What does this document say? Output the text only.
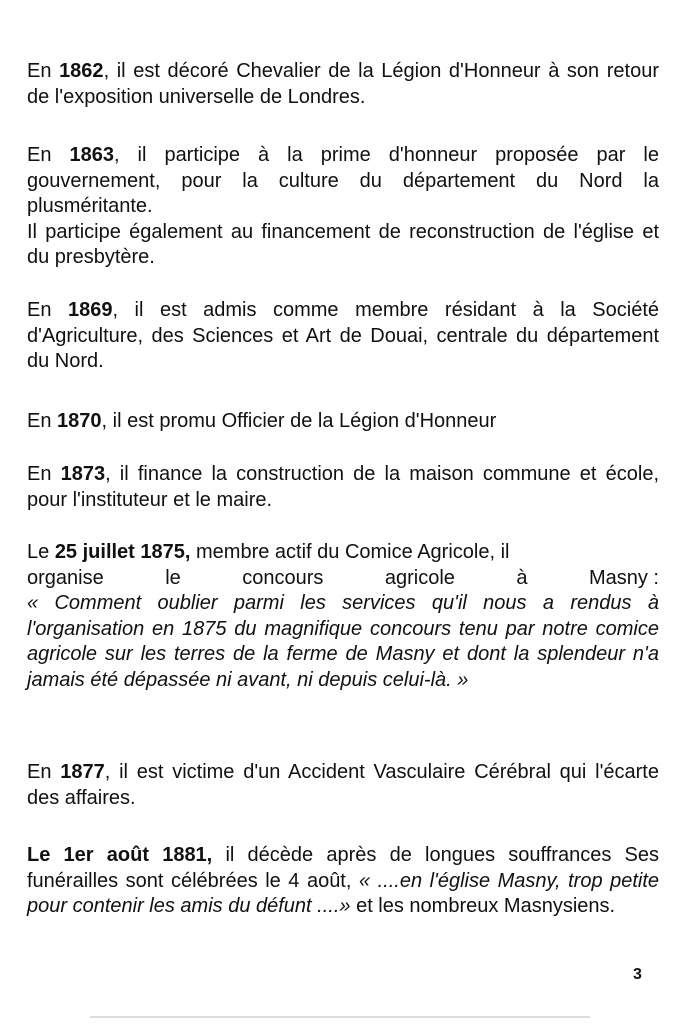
En 1862, il est décoré Chevalier de la Légion d'Honneur à son retour de l'exposition universelle de Londres.

En 1863, il participe à la prime d'honneur proposée par le gouvernement, pour la culture du département du Nord la plusméritante.
Il participe également au financement de reconstruction de l'église et du presbytère.

En 1869, il est admis comme membre résidant à la Société d'Agriculture, des Sciences et Art de Douai, centrale du département du Nord.

En 1870, il est promu Officier de la Légion d'Honneur

En 1873, il finance la construction de la maison commune et école, pour l'instituteur et le maire.

Le 25 juillet 1875, membre actif du Comice Agricole, il
organise	le	concours	agricole	à	Masny :
« Comment oublier parmi les services qu'il nous a rendus à l'organisation en 1875 du magnifique concours tenu par notre comice agricole sur les terres de la ferme de Masny et dont la splendeur n'a jamais été dépassée ni avant, ni depuis celui-là. »

En 1877, il est victime d'un Accident Vasculaire Cérébral qui l'écarte des affaires.

Le 1er août 1881, il décède après de longues souffrances Ses funérailles sont célébrées le 4 août, « ....en l'église Masny, trop petite pour contenir les amis du défunt ....» et les nombreux Masnysiens.

3
